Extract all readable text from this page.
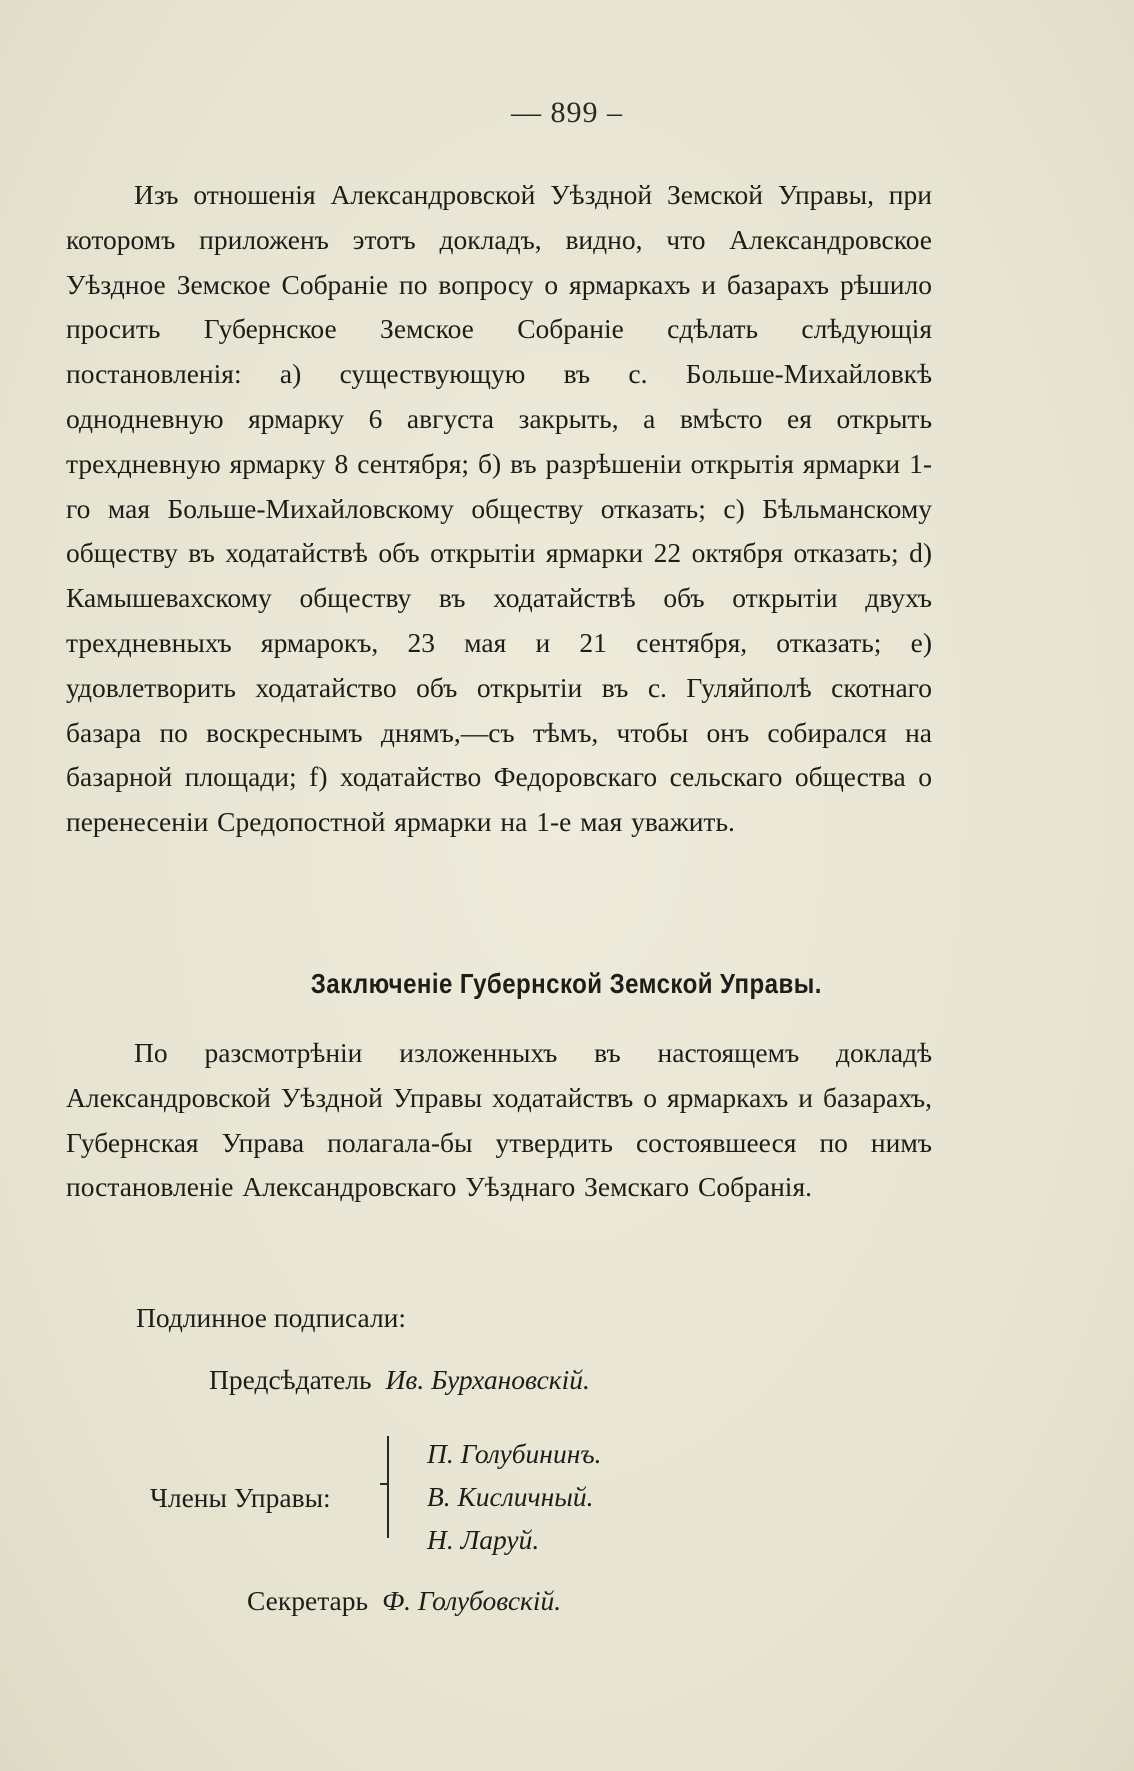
— 899 –
Изъ отношенія Александровской Уѣздной Земской Управы, при которомъ приложенъ этотъ докладъ, видно, что Александровское Уѣздное Земское Собраніе по вопросу о ярмаркахъ и базарахъ рѣшило просить Губернское Земское Собраніе сдѣлать слѣдующія постановленія: а) существующую въ с. Больше-Михайловкѣ однодневную ярмарку 6 августа закрыть, а вмѣсто ея открыть трехдневную ярмарку 8 сентября; б) въ разрѣшеніи открытія ярмарки 1-го мая Больше-Михайловскому обществу отказать; с) Бѣльманскому обществу въ ходатайствѣ объ открытіи ярмарки 22 октября отказать; d) Камышевахскому обществу въ ходатайствѣ объ открытіи двухъ трехдневныхъ ярмарокъ, 23 мая и 21 сентября, отказать; е) удовлетворить ходатайство объ открытіи въ с. Гуляйполѣ скотнаго базара по воскреснымъ днямъ,—съ тѣмъ, чтобы онъ собирался на базарной площади; f) ходатайство Федоровскаго сельскаго общества о перенесеніи Средопостной ярмарки на 1-е мая уважить.
Заключеніе Губернской Земской Управы.
По разсмотрѣніи изложенныхъ въ настоящемъ докладѣ Александровской Уѣздной Управы ходатайствъ о ярмаркахъ и базарахъ, Губернская Управа полагала-бы утвердить состоявшееся по нимъ постановленіе Александровскаго Уѣзднаго Земскаго Собранія.
Подлинное подписали:
Предсѣдатель Ив. Бурхановскій.
Члены Управы:
П. Голубининъ.
В. Кисличный.
Н. Ларуй.
Секретарь Ф. Голубовскій.
